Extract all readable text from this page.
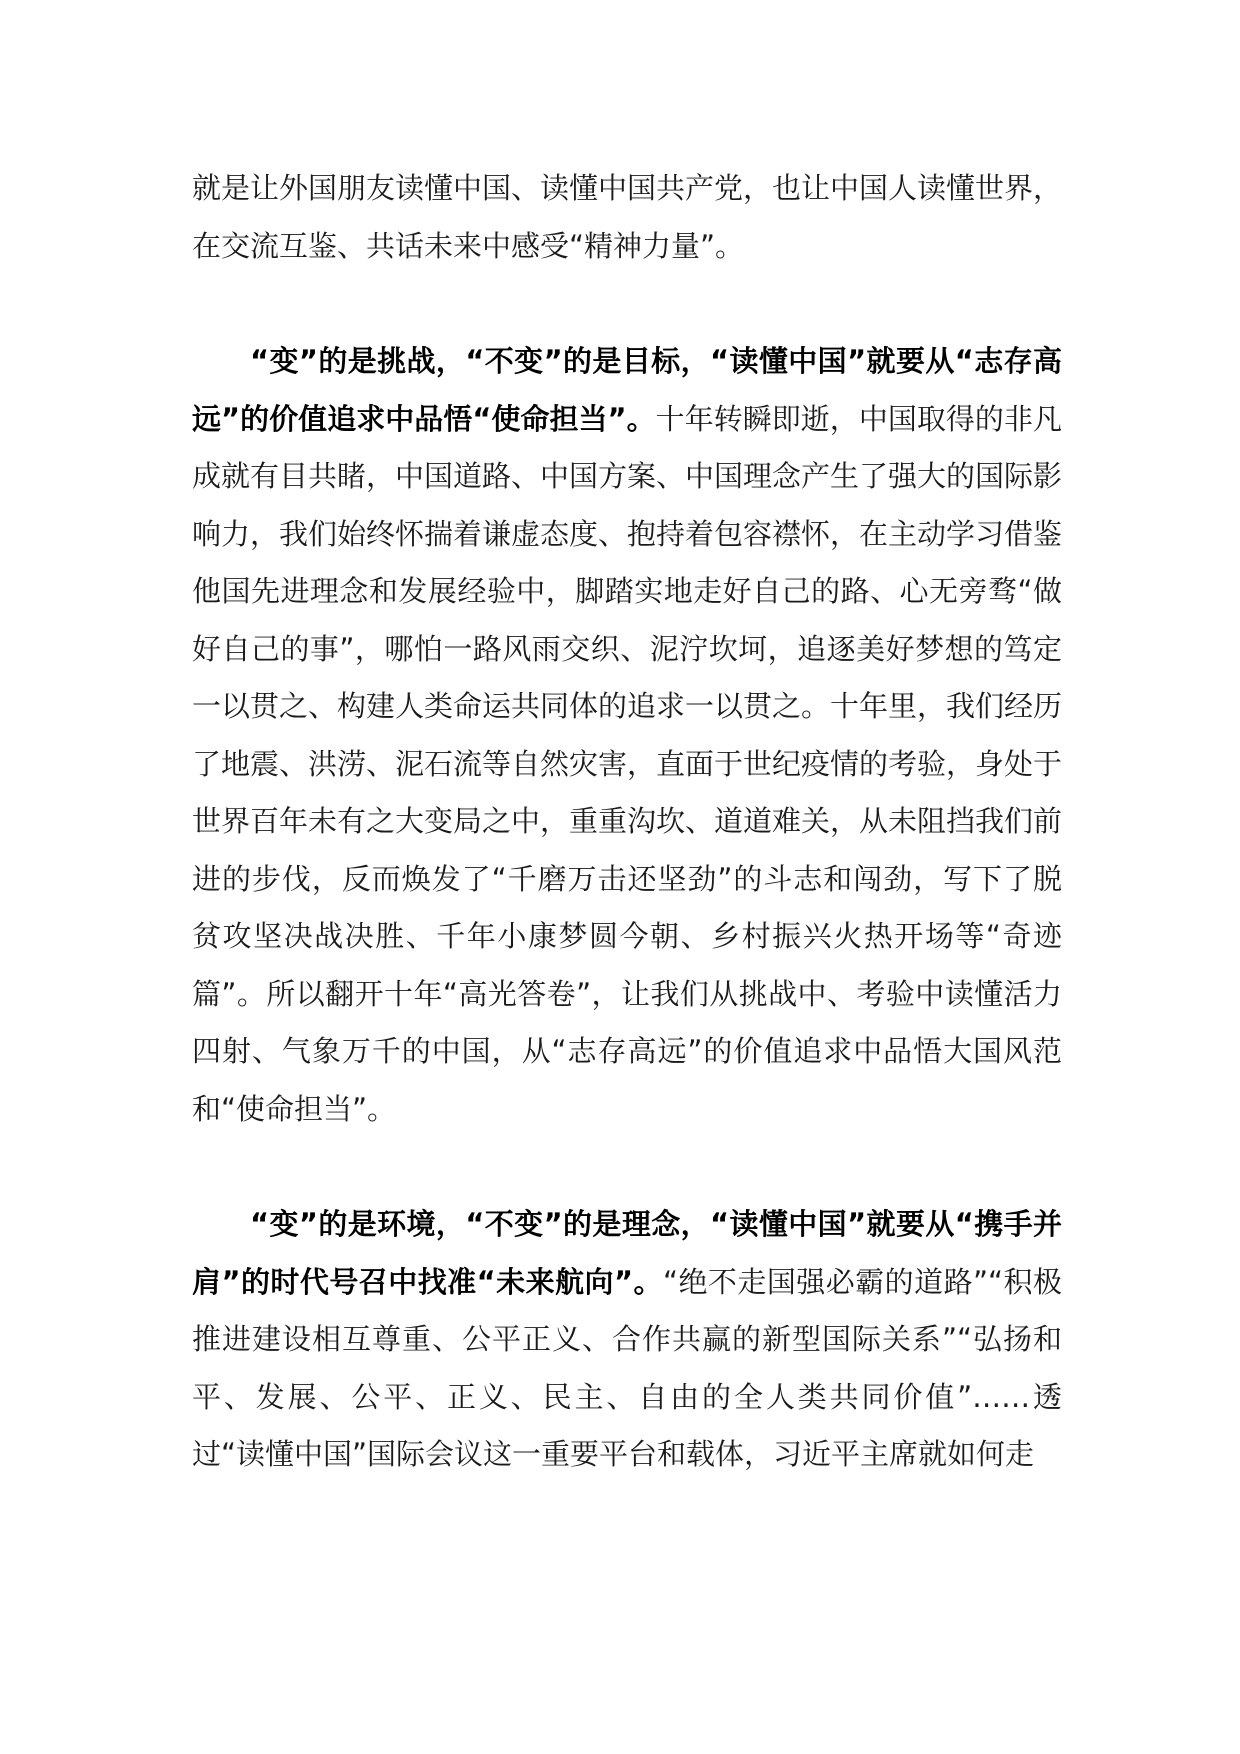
就是让外国朋友读懂中国、读懂中国共产党，也让中国人读懂世界，在交流互鉴、共话未来中感受“精神力量”。

“变”的是挑战，“不变”的是目标，“读懂中国”就要从“志存高远”的价值追求中品悟“使命担当”。十年转瞬即逝，中国取得的非凡成就有目共睹，中国道路、中国方案、中国理念产生了强大的国际影响力，我们始终怀揣着谦虚态度、抱持着包容襟怀，在主动学习借鉴他国先进理念和发展经验中，脚踏实地走好自己的路、心无旁骛“做好自己的事”，哪怕一路风雨交织、泥泞坎坷，追逐美好梦想的笃定一以贯之、构建人类命运共同体的追求一以贯之。十年里，我们经历了地震、洪涝、泥石流等自然灾害，直面于世纪疫情的考验，身处于世界百年未有之大变局之中，重重沟坎、道道难关，从未阻挡我们前进的步伐，反而焕发了“千磨万击还坚劲”的斗志和闯劲，写下了脱贫攻坚决战决胜、千年小康梦圆今朝、乡村振兴火热开场等“奇迹篇”。所以翻开十年“高光答卷”，让我们从挑战中、考验中读懂活力四射、气象万千的中国，从“志存高远”的价值追求中品悟大国风范和“使命担当”。

“变”的是环境，“不变”的是理念，“读懂中国”就要从“携手并肩”的时代号召中找准“未来航向”。“绝不走国强必霸的道路”“积极推进建设相互尊重、公平正义、合作共赢的新型国际关系”“弘扬和平、发展、公平、正义、民主、自由的全人类共同价值”……透过“读懂中国”国际会议这一重要平台和载体，习近平主席就如何走
